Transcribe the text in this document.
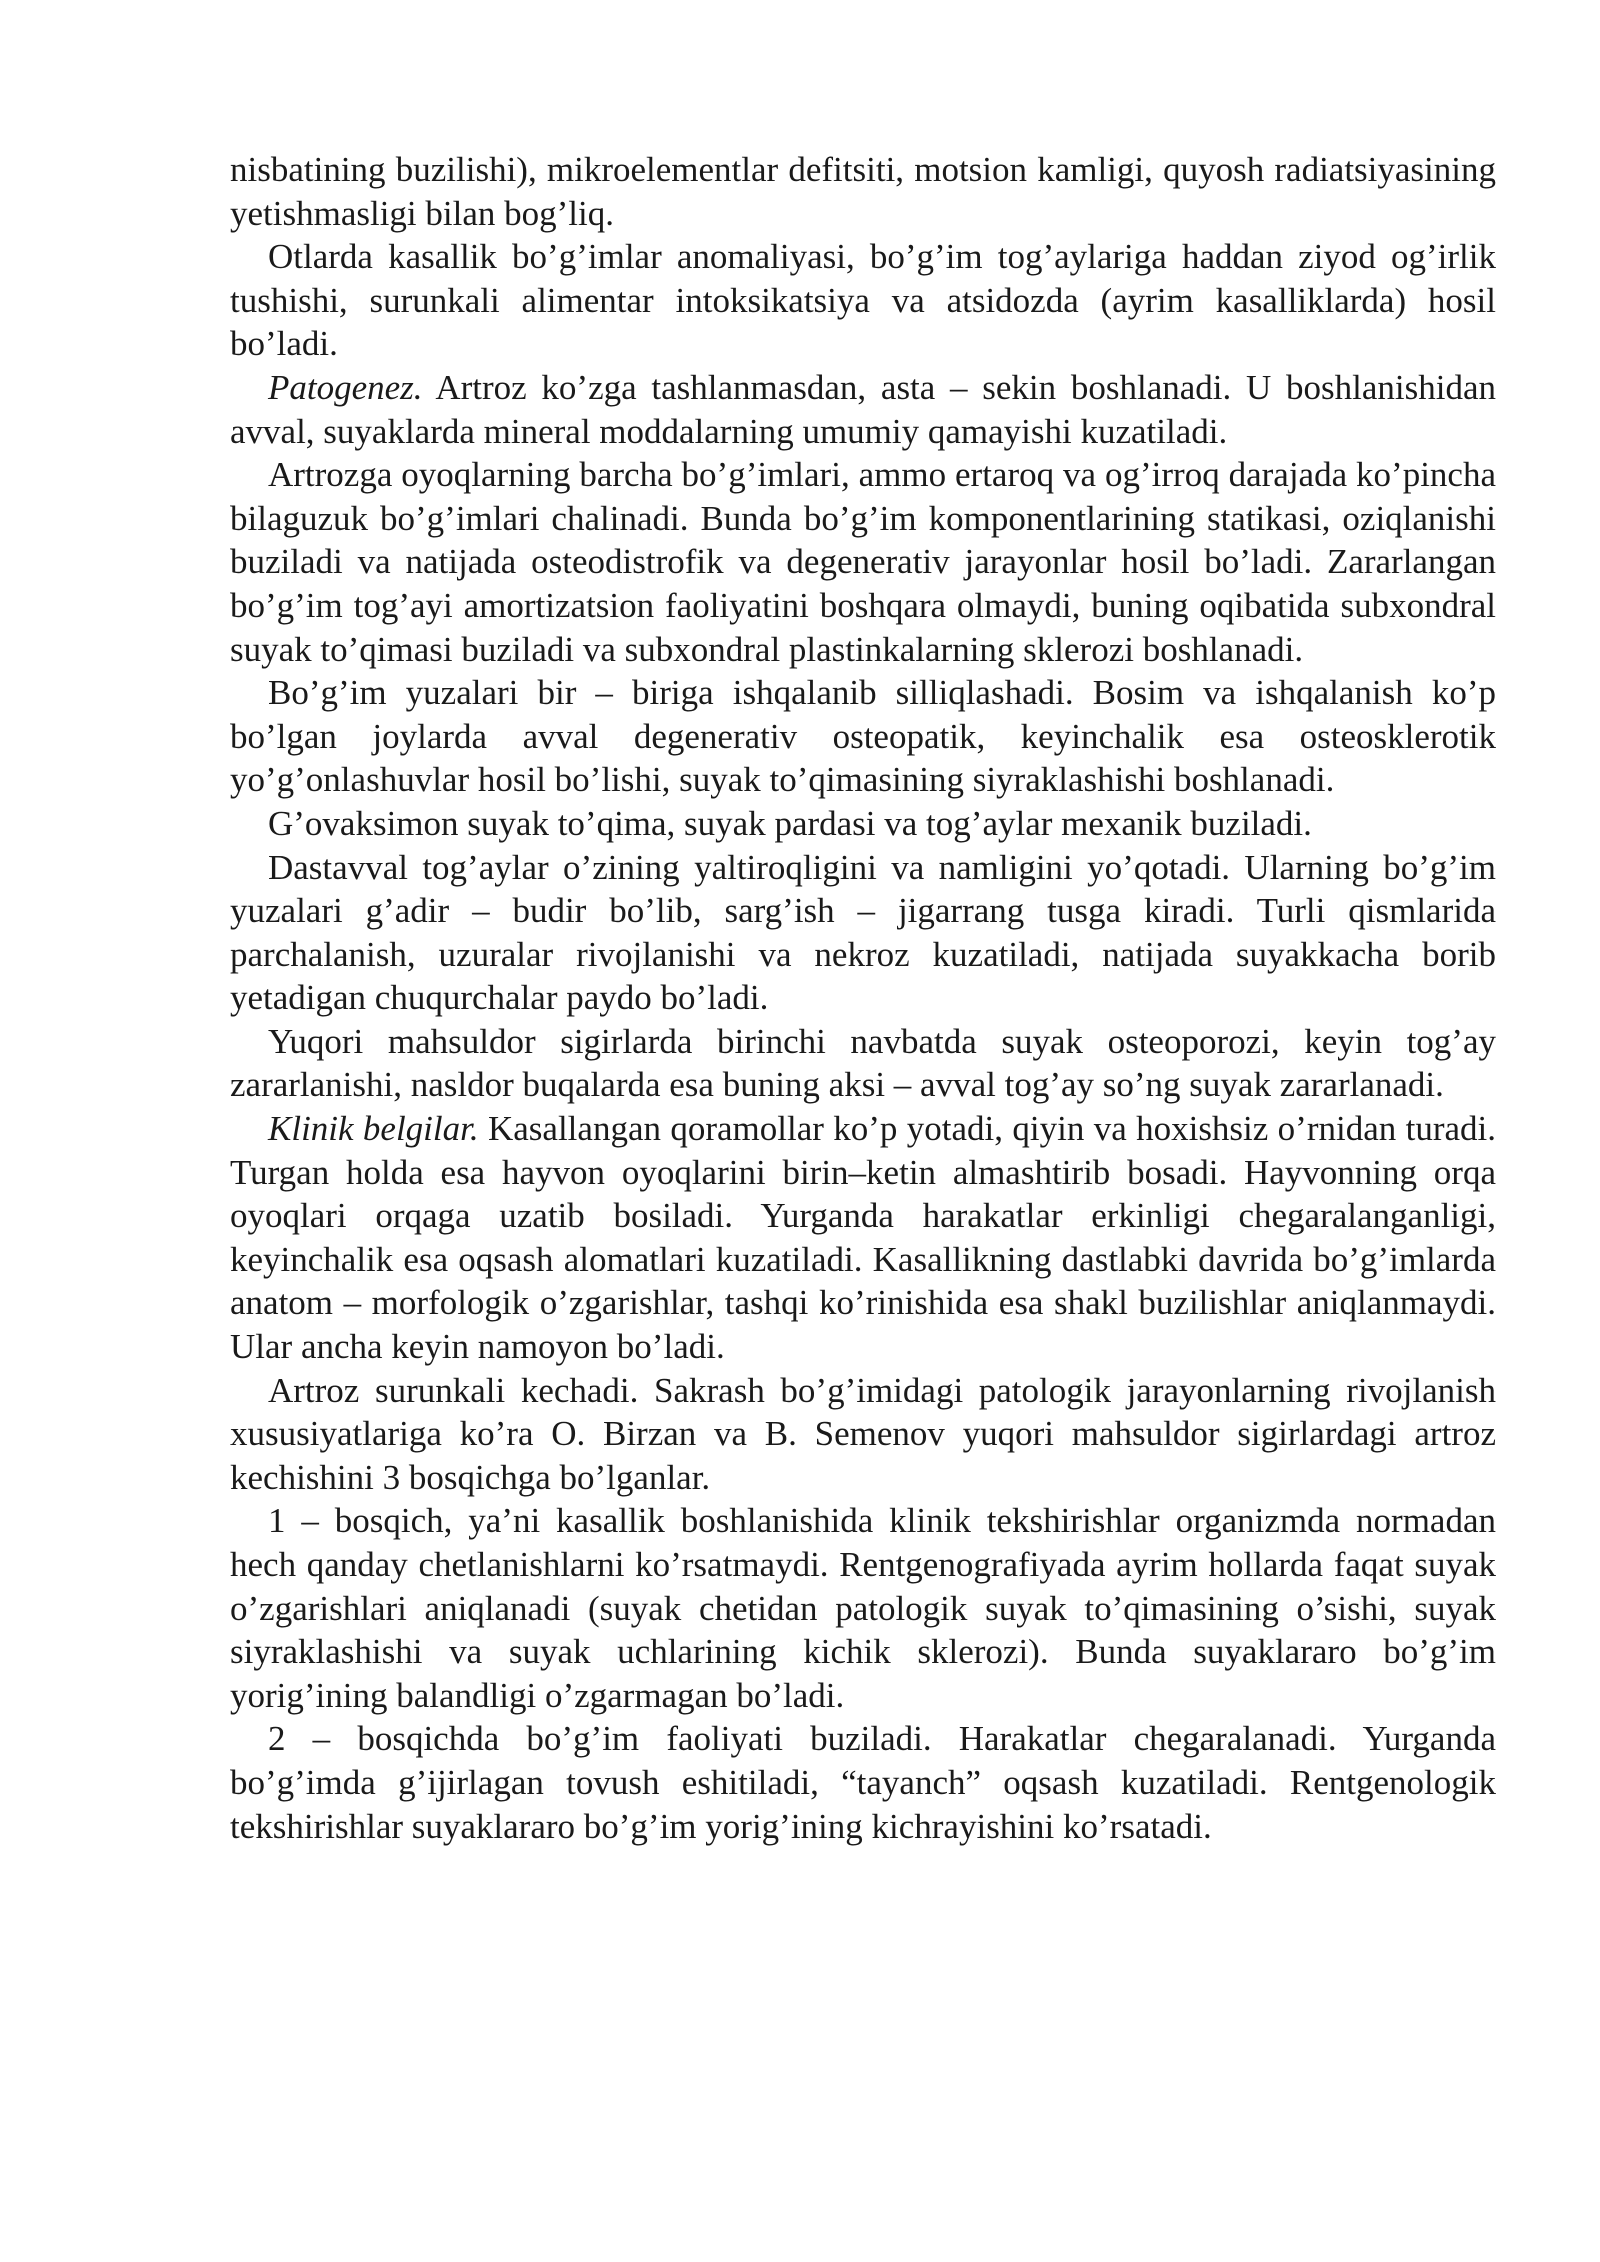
nisbatining buzilishi), mikroelementlar defitsiti, motsion kamligi, quyosh radiatsiyasining yetishmasligi bilan bog’liq.

Otlarda kasallik bo’g’imlar anomaliyasi, bo’g’im tog’aylariga haddan ziyod og’irlik tushishi, surunkali alimentar intoksikatsiya va atsidozda (ayrim kasalliklarda) hosil bo’ladi.

Patogenez. Artroz ko’zga tashlanmasdan, asta – sekin boshlanadi. U boshlanishidan avval, suyaklarda mineral moddalarning umumiy qamayishi kuzatiladi.

Artrozga oyoqlarning barcha bo’g’imlari, ammo ertaroq va og’irroq darajada ko’pincha bilaguzuk bo’g’imlari chalinadi. Bunda bo’g’im komponentlarining statikasi, oziqlanishi buziladi va natijada osteodistrofik va degenerativ jarayonlar hosil bo’ladi. Zararlangan bo’g’im tog’ayi amortizatsion faoliyatini boshqara olmaydi, buning oqibatida subxondral suyak to’qimasi buziladi va subxondral plastinkalarning sklerozi boshlanadi.

Bo’g’im yuzalari bir – biriga ishqalanib silliqlashadi. Bosim va ishqalanish ko’p bo’lgan joylarda avval degenerativ osteopatik, keyinchalik esa osteosklerotik yo’g’onlashuvlar hosil bo’lishi, suyak to’qimasining siyraklashishi boshlanadi.

G’ovaksimon suyak to’qima, suyak pardasi va tog’aylar mexanik buziladi.

Dastavval tog’aylar o’zining yaltiroqligini va namligini yo’qotadi. Ularning bo’g’im yuzalari g’adir – budir bo’lib, sarg’ish – jigarrang tusga kiradi. Turli qismlarida parchalanish, uzuralar rivojlanishi va nekroz kuzatiladi, natijada suyakkacha borib yetadigan chuqurchalar paydo bo’ladi.

Yuqori mahsuldor sigirlarda birinchi navbatda suyak osteoporozi, keyin tog’ay zararlanishi, nasldor buqalarda esa buning aksi – avval tog’ay so’ng suyak zararlanadi.

Klinik belgilar. Kasallangan qoramollar ko’p yotadi, qiyin va hoxishsiz o’rnidan turadi. Turgan holda esa hayvon oyoqlarini birin–ketin almashtirib bosadi. Hayvonning orqa oyoqlari orqaga uzatib bosiladi. Yurganda harakatlar erkinligi chegaralanganligi, keyinchalik esa oqsash alomatlari kuzatiladi. Kasallikning dastlabki davrida bo’g’imlarda anatom – morfologik o’zgarishlar, tashqi ko’rinishida esa shakl buzilishlar aniqlanmaydi. Ular ancha keyin namoyon bo’ladi.

Artroz surunkali kechadi. Sakrash bo’g’imidagi patologik jarayonlarning rivojlanish xususiyatlariga ko’ra O. Birzan va B. Semenov yuqori mahsuldor sigirlardagi artroz kechishini 3 bosqichga bo’lganlar.

1 – bosqich, ya’ni kasallik boshlanishida klinik tekshirishlar organizmda normadan hech qanday chetlanishlarni ko’rsatmaydi. Rentgenografiyada ayrim hollarda faqat suyak o’zgarishlari aniqlanadi (suyak chetidan patologik suyak to’qimasining o’sishi, suyak siyraklashishi va suyak uchlarining kichik sklerozi). Bunda suyaklararo bo’g’im yorig’ining balandligi o’zgarmagan bo’ladi.

2 – bosqichda bo’g’im faoliyati buziladi. Harakatlar chegaralanadi. Yurganda bo’g’imda g’ijirlagan tovush eshitiladi, “tayanch” oqsash kuzatiladi. Rentgenologik tekshirishlar suyaklararo bo’g’im yorig’ining kichrayishini ko’rsatadi.
